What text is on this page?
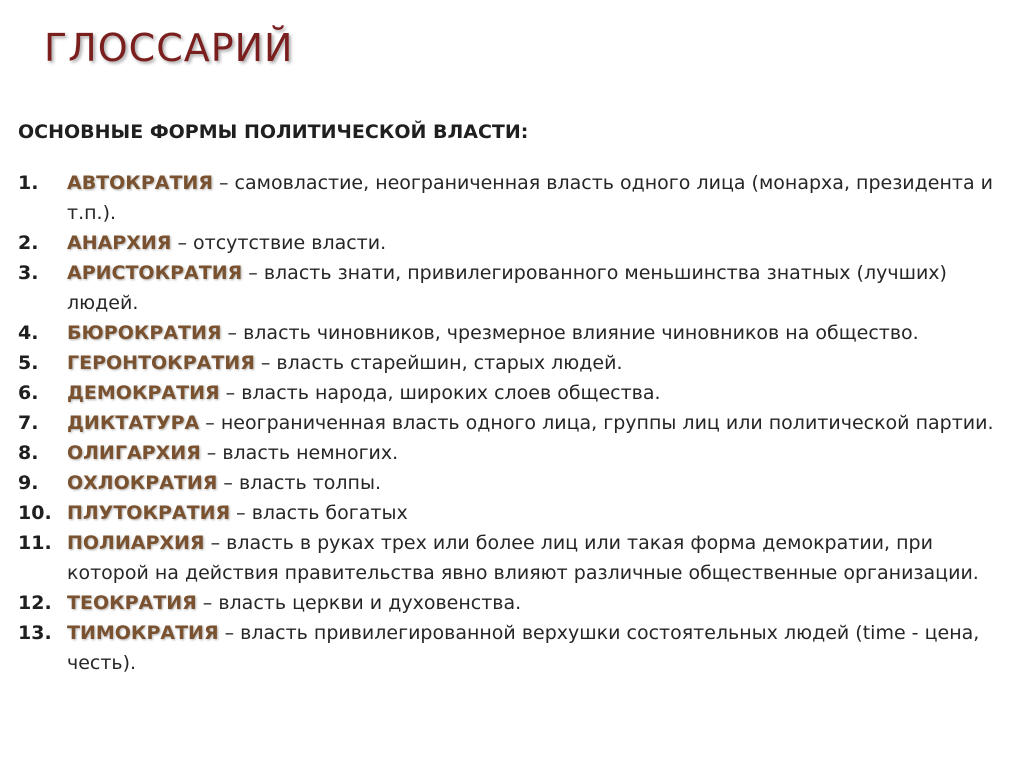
ГЛОССАРИЙ
ОСНОВНЫЕ ФОРМЫ ПОЛИТИЧЕСКОЙ ВЛАСТИ:
1. АВТОКРАТИЯ – самовластие, неограниченная власть одного лица (монарха, президента и т.п.).
2. АНАРХИЯ – отсутствие власти.
3. АРИСТОКРАТИЯ – власть знати, привилегированного меньшинства знатных (лучших) людей.
4. БЮРОКРАТИЯ – власть чиновников, чрезмерное влияние чиновников на общество.
5. ГЕРОНТОКРАТИЯ – власть старейшин, старых людей.
6. ДЕМОКРАТИЯ – власть народа, широких слоев общества.
7. ДИКТАТУРА – неограниченная власть одного лица, группы лиц или политической партии.
8. ОЛИГАРХИЯ – власть немногих.
9. ОХЛОКРАТИЯ – власть толпы.
10. ПЛУТОКРАТИЯ – власть богатых
11. ПОЛИАРХИЯ – власть в руках трех или более лиц или такая форма демократии, при которой на действия правительства явно влияют различные общественные организации.
12. ТЕОКРАТИЯ – власть церкви и духовенства.
13. ТИМОКРАТИЯ – власть привилегированной верхушки состоятельных людей (time - цена, честь).
